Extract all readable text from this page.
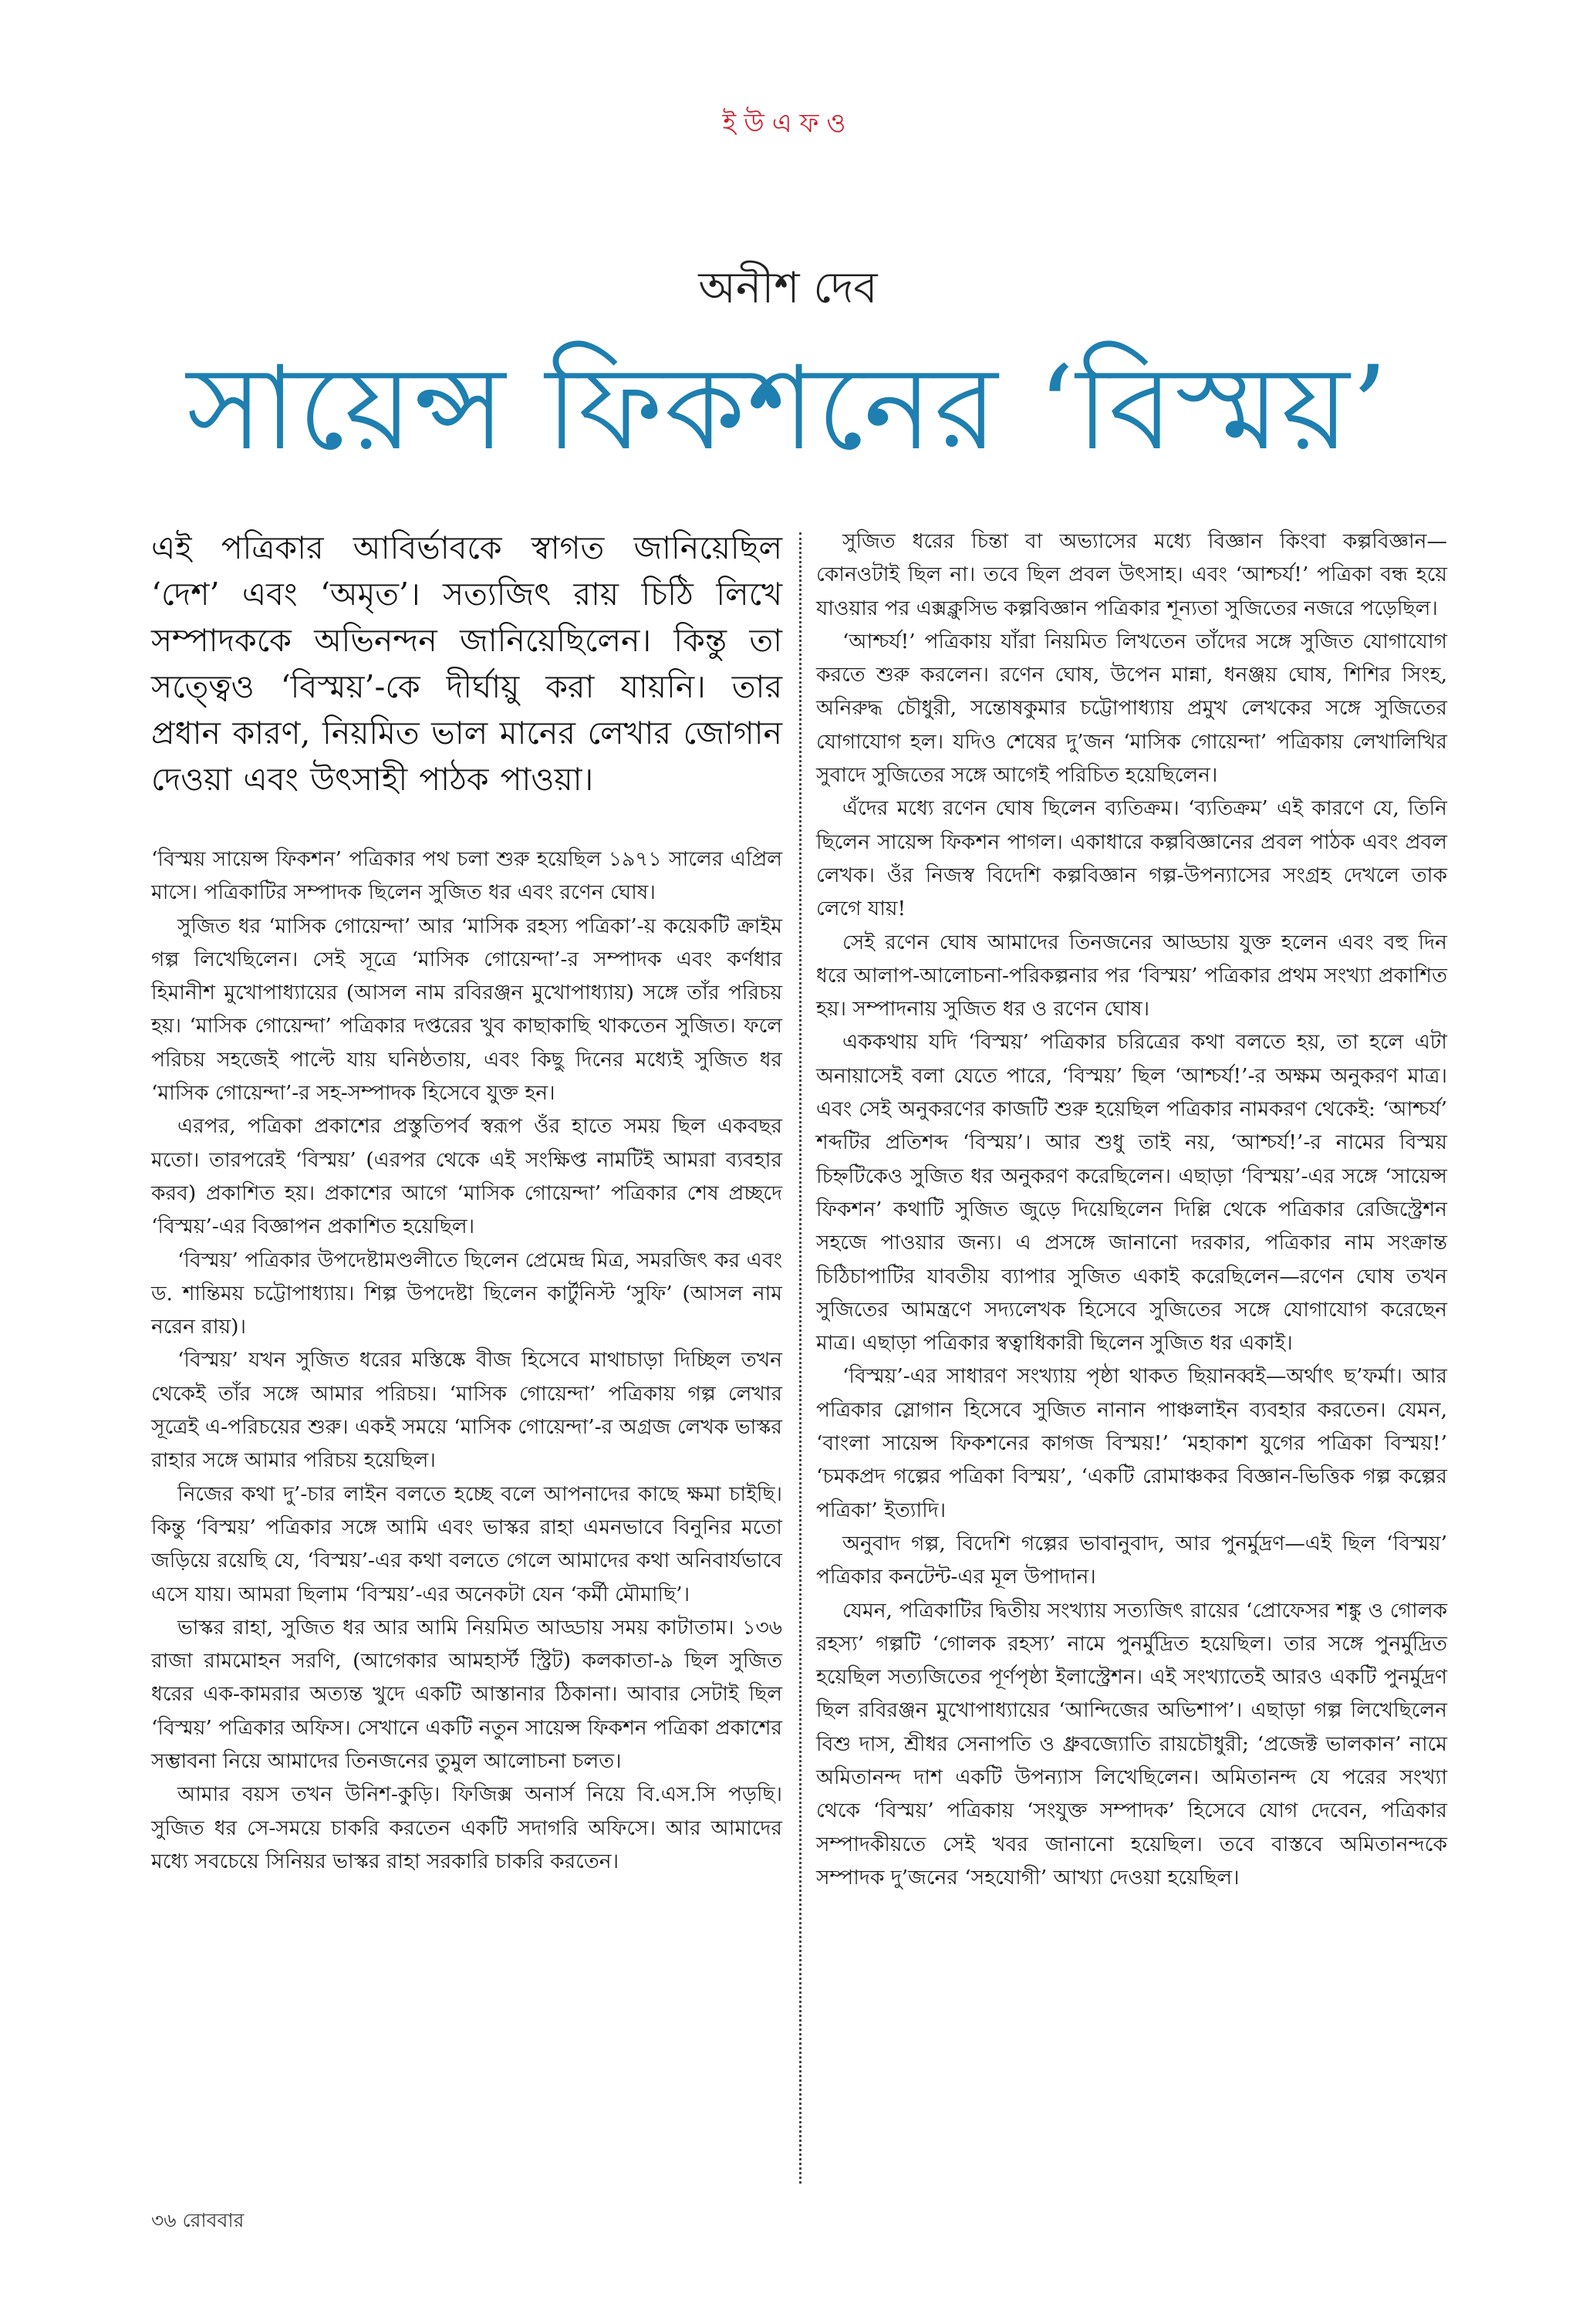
ইউএফও
অনীশ দেব
সায়েন্স ফিকশনের ‘বিস্ময়’
এই পত্রিকার আবির্ভাবকে স্বাগত জানিয়েছিল ‘দেশ’ এবং ‘অমৃত’। সত্যজিৎ রায় চিঠি লিখে সম্পাদককে অভিনন্দন জানিয়েছিলেন। কিন্তু তা সত্ত্বেও ‘বিস্ময়’-কে দীর্ঘায়ু করা যায়নি। তার প্রধান কারণ, নিয়মিত ভাল মানের লেখার জোগান দেওয়া এবং উৎসাহী পাঠক পাওয়া।

‘বিস্ময় সায়েন্স ফিকশন’ পত্রিকার পথ চলা শুরু হয়েছিল ১৯৭১ সালের এপ্রিল মাসে। পত্রিকাটির সম্পাদক ছিলেন সুজিত ধর এবং রণেন ঘোষ।

সুজিত ধর ‘মাসিক গোয়েন্দা’ আর ‘মাসিক রহস্য পত্রিকা’-য় কয়েকটি ক্রাইম গল্প লিখেছিলেন। সেই সূত্রে ‘মাসিক গোয়েন্দা’-র সম্পাদক এবং কর্ণধার হিমানীশ মুখোপাধ্যায়ের (আসল নাম রবিরঞ্জন মুখোপাধ্যায়) সঙ্গে তাঁর পরিচয় হয়। ‘মাসিক গোয়েন্দা’ পত্রিকার দপ্তরের খুব কাছাকাছি থাকতেন সুজিত। ফলে পরিচয় সহজেই পাল্টে যায় ঘনিষ্ঠতায়, এবং কিছু দিনের মধ্যেই সুজিত ধর ‘মাসিক গোয়েন্দা’-র সহ-সম্পাদক হিসেবে যুক্ত হন।

এরপর, পত্রিকা প্রকাশের প্রস্তুতিপর্ব স্বরূপ ওঁর হাতে সময় ছিল একবছর মতো। তারপরেই ‘বিস্ময়’ (এরপর থেকে এই সংক্ষিপ্ত নামটিই আমরা ব্যবহার করব) প্রকাশিত হয়। প্রকাশের আগে ‘মাসিক গোয়েন্দা’ পত্রিকার শেষ প্রচ্ছদে ‘বিস্ময়’-এর বিজ্ঞাপন প্রকাশিত হয়েছিল।

‘বিস্ময়’ পত্রিকার উপদেষ্টামণ্ডলীতে ছিলেন প্রেমেন্দ্র মিত্র, সমরজিৎ কর এবং ড. শান্তিময় চট্টোপাধ্যায়। শিল্প উপদেষ্টা ছিলেন কার্টুনিস্ট ‘সুফি’ (আসল নাম নরেন রায়)।

‘বিস্ময়’ যখন সুজিত ধরের মস্তিষ্কে বীজ হিসেবে মাথাচাড়া দিচ্ছিল তখন থেকেই তাঁর সঙ্গে আমার পরিচয়। ‘মাসিক গোয়েন্দা’ পত্রিকায় গল্প লেখার সূত্রেই এ-পরিচয়ের শুরু। একই সময়ে ‘মাসিক গোয়েন্দা’-র অগ্রজ লেখক ভাস্কর রাহার সঙ্গে আমার পরিচয় হয়েছিল।

নিজের কথা দু’-চার লাইন বলতে হচ্ছে বলে আপনাদের কাছে ক্ষমা চাইছি। কিন্তু ‘বিস্ময়’ পত্রিকার সঙ্গে আমি এবং ভাস্কর রাহা এমনভাবে বিনুনির মতো জড়িয়ে রয়েছি যে, ‘বিস্ময়’-এর কথা বলতে গেলে আমাদের কথা অনিবার্যভাবে এসে যায়। আমরা ছিলাম ‘বিস্ময়’-এর অনেকটা যেন ‘কর্মী মৌমাছি’।

ভাস্কর রাহা, সুজিত ধর আর আমি নিয়মিত আড্ডায় সময় কাটাতাম। ১৩৬ রাজা রামমোহন সরণি, (আগেকার আমহার্স্ট স্ট্রিট) কলকাতা-৯ ছিল সুজিত ধরের এক-কামরার অত্যন্ত খুদে একটি আস্তানার ঠিকানা। আবার সেটাই ছিল ‘বিস্ময়’ পত্রিকার অফিস। সেখানে একটি নতুন সায়েন্স ফিকশন পত্রিকা প্রকাশের সম্ভাবনা নিয়ে আমাদের তিনজনের তুমুল আলোচনা চলত।

আমার বয়স তখন উনিশ-কুড়ি। ফিজিক্স অনার্স নিয়ে বি.এস.সি পড়ছি। সুজিত ধর সে-সময়ে চাকরি করতেন একটি সদাগরি অফিসে। আর আমাদের মধ্যে সবচেয়ে সিনিয়র ভাস্কর রাহা সরকারি চাকরি করতেন।

সুজিত ধরের চিন্তা বা অভ্যাসের মধ্যে বিজ্ঞান কিংবা কল্পবিজ্ঞান—কোনওটাই ছিল না। তবে ছিল প্রবল উৎসাহ। এবং ‘আশ্চর্য!’ পত্রিকা বন্ধ হয়ে যাওয়ার পর এক্সক্লুসিভ কল্পবিজ্ঞান পত্রিকার শূন্যতা সুজিতের নজরে পড়েছিল।

‘আশ্চর্য!’ পত্রিকায় যাঁরা নিয়মিত লিখতেন তাঁদের সঙ্গে সুজিত যোগাযোগ করতে শুরু করলেন। রণেন ঘোষ, উপেন মান্না, ধনঞ্জয় ঘোষ, শিশির সিংহ, অনিরুদ্ধ চৌধুরী, সন্তোষকুমার চট্টোপাধ্যায় প্রমুখ লেখকের সঙ্গে সুজিতের যোগাযোগ হল। যদিও শেষের দু’জন ‘মাসিক গোয়েন্দা’ পত্রিকায় লেখালিখির সুবাদে সুজিতের সঙ্গে আগেই পরিচিত হয়েছিলেন।

এঁদের মধ্যে রণেন ঘোষ ছিলেন ব্যতিক্রম। ‘ব্যতিক্রম’ এই কারণে যে, তিনি ছিলেন সায়েন্স ফিকশন পাগল। একাধারে কল্পবিজ্ঞানের প্রবল পাঠক এবং প্রবল লেখক। ওঁর নিজস্ব বিদেশি কল্পবিজ্ঞান গল্প-উপন্যাসের সংগ্রহ দেখলে তাক লেগে যায়!

সেই রণেন ঘোষ আমাদের তিনজনের আড্ডায় যুক্ত হলেন এবং বহু দিন ধরে আলাপ-আলোচনা-পরিকল্পনার পর ‘বিস্ময়’ পত্রিকার প্রথম সংখ্যা প্রকাশিত হয়। সম্পাদনায় সুজিত ধর ও রণেন ঘোষ।

এককথায় যদি ‘বিস্ময়’ পত্রিকার চরিত্রের কথা বলতে হয়, তা হলে এটা অনায়াসেই বলা যেতে পারে, ‘বিস্ময়’ ছিল ‘আশ্চর্য!’-র অক্ষম অনুকরণ মাত্র। এবং সেই অনুকরণের কাজটি শুরু হয়েছিল পত্রিকার নামকরণ থেকেই: ‘আশ্চর্য’ শব্দটির প্রতিশব্দ ‘বিস্ময়’। আর শুধু তাই নয়, ‘আশ্চর্য!’-র নামের বিস্ময় চিহ্নটিকেও সুজিত ধর অনুকরণ করেছিলেন। এছাড়া ‘বিস্ময়’-এর সঙ্গে ‘সায়েন্স ফিকশন’ কথাটি সুজিত জুড়ে দিয়েছিলেন দিল্লি থেকে পত্রিকার রেজিস্ট্রেশন সহজে পাওয়ার জন্য। এ প্রসঙ্গে জানানো দরকার, পত্রিকার নাম সংক্রান্ত চিঠিচাপাটির যাবতীয় ব্যাপার সুজিত একাই করেছিলেন—রণেন ঘোষ তখন সুজিতের আমন্ত্রণে সদ্যলেখক হিসেবে সুজিতের সঙ্গে যোগাযোগ করেছেন মাত্র। এছাড়া পত্রিকার স্বত্বাধিকারী ছিলেন সুজিত ধর একাই।

‘বিস্ময়’-এর সাধারণ সংখ্যায় পৃষ্ঠা থাকত ছিয়ানব্বই—অর্থাৎ ছ’ফর্মা। আর পত্রিকার স্লোগান হিসেবে সুজিত নানান পাঞ্চলাইন ব্যবহার করতেন। যেমন, ‘বাংলা সায়েন্স ফিকশনের কাগজ বিস্ময়!’ ‘মহাকাশ যুগের পত্রিকা বিস্ময়!’ ‘চমকপ্রদ গল্পের পত্রিকা বিস্ময়’, ‘একটি রোমাঞ্চকর বিজ্ঞান-ভিত্তিক গল্প কল্পের পত্রিকা’ ইত্যাদি।

অনুবাদ গল্প, বিদেশি গল্পের ভাবানুবাদ, আর পুনর্মুদ্রণ—এই ছিল ‘বিস্ময়’ পত্রিকার কনটেন্ট-এর মূল উপাদান।

যেমন, পত্রিকাটির দ্বিতীয় সংখ্যায় সত্যজিৎ রায়ের ‘প্রোফেসর শঙ্কু ও গোলক রহস্য’ গল্পটি ‘গোলক রহস্য’ নামে পুনর্মুদ্রিত হয়েছিল। তার সঙ্গে পুনর্মুদ্রিত হয়েছিল সত্যজিতের পূর্ণপৃষ্ঠা ইলাস্ট্রেশন। এই সংখ্যাতেই আরও একটি পুনর্মুদ্রণ ছিল রবিরঞ্জন মুখোপাধ্যায়ের ‘আন্দিজের অভিশাপ’। এছাড়া গল্প লিখেছিলেন বিশু দাস, শ্রীধর সেনাপতি ও ধ্রুবজ্যোতি রায়চৌধুরী; ‘প্রজেক্ট ভালকান’ নামে অমিতানন্দ দাশ একটি উপন্যাস লিখেছিলেন। অমিতানন্দ যে পরের সংখ্যা থেকে ‘বিস্ময়’ পত্রিকায় ‘সংযুক্ত সম্পাদক’ হিসেবে যোগ দেবেন, পত্রিকার সম্পাদকীয়তে সেই খবর জানানো হয়েছিল। তবে বাস্তবে অমিতানন্দকে সম্পাদক দু’জনের ‘সহযোগী’ আখ্যা দেওয়া হয়েছিল।

৩৬ রোববার
